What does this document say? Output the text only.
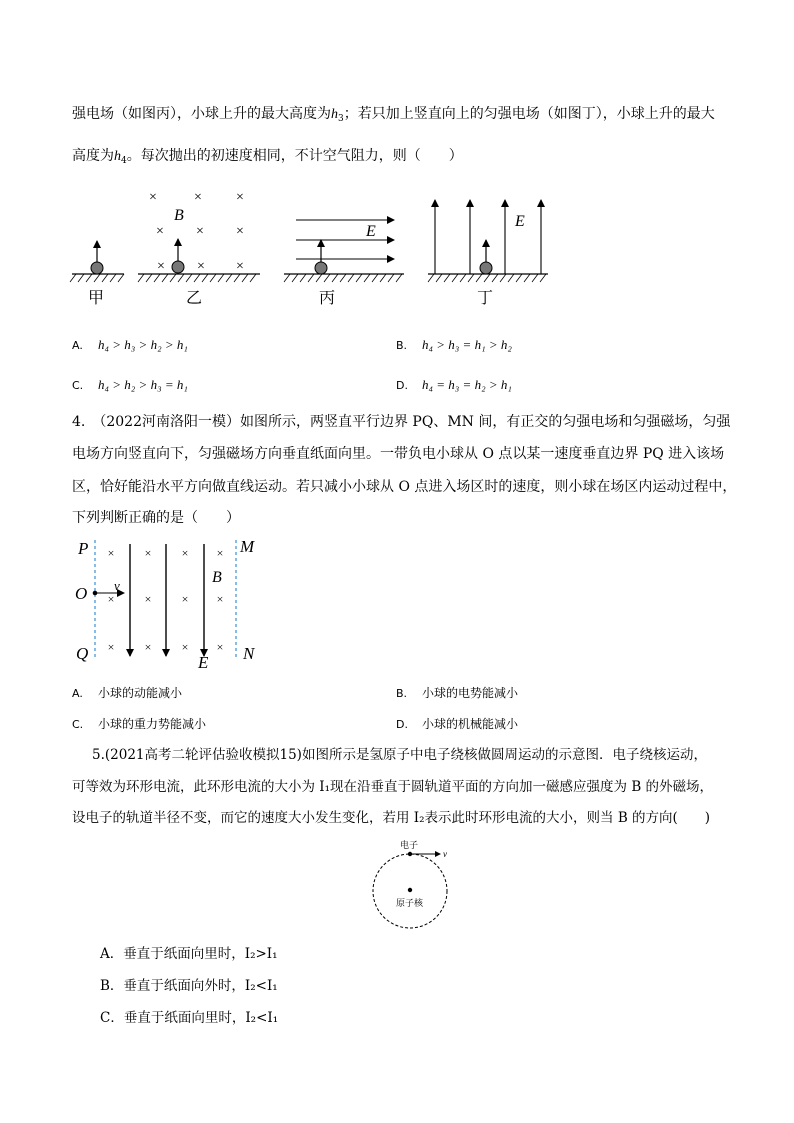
强电场（如图丙），小球上升的最大高度为$h_3$；若只加上竖直向上的匀强电场（如图丁），小球上升的最大
高度为$h_4$。每次抛出的初速度相同，不计空气阻力，则（　　）
甲
×	× ×
B
× × ×
× × ×
乙
E
丙
E
丁
A. h₄ > h₃ > h₂ > h₁	B. h₄ > h₃ = h₁ > h₂
C. h₄ > h₂ > h₃ = h₁	D. h₄ = h₃ = h₂ > h₁
4.　（2022河南洛阳一模）如图所示，两竖直平行边界 PQ、MN 间，有正交的匀强电场和匀强磁场，匀强
电场方向竖直向下，匀强磁场方向垂直纸面向里。一带负电小球从 O 点以某一速度垂直边界 PQ 进入该场
区，恰好能沿水平方向做直线运动。若只减小小球从 O 点进入场区时的速度，则小球在场区内运动过程中，
下列判断正确的是（　　）
P	M
O
Q	N
E
B
v
×	×	× ×
×	×	× ×
×	×	× ×
A. 小球的动能减小	B. 小球的电势能减小
C. 小球的重力势能减小	D. 小球的机械能减小
5.(2021高考二轮评估验收模拟15)如图所示是氢原子中电子绕核做圆周运动的示意图．电子绕核运动，
可等效为环形电流，此环形电流的大小为 I₁现在沿垂直于圆轨道平面的方向加一磁感应强度为 B 的外磁场，
设电子的轨道半径不变，而它的速度大小发生变化，若用 I₂表示此时环形电流的大小，则当 B 的方向(　　)
电子
v
原子核
A．垂直于纸面向里时，I₂>I₁
B．垂直于纸面向外时，I₂<I₁
C．垂直于纸面向里时，I₂<I₁
